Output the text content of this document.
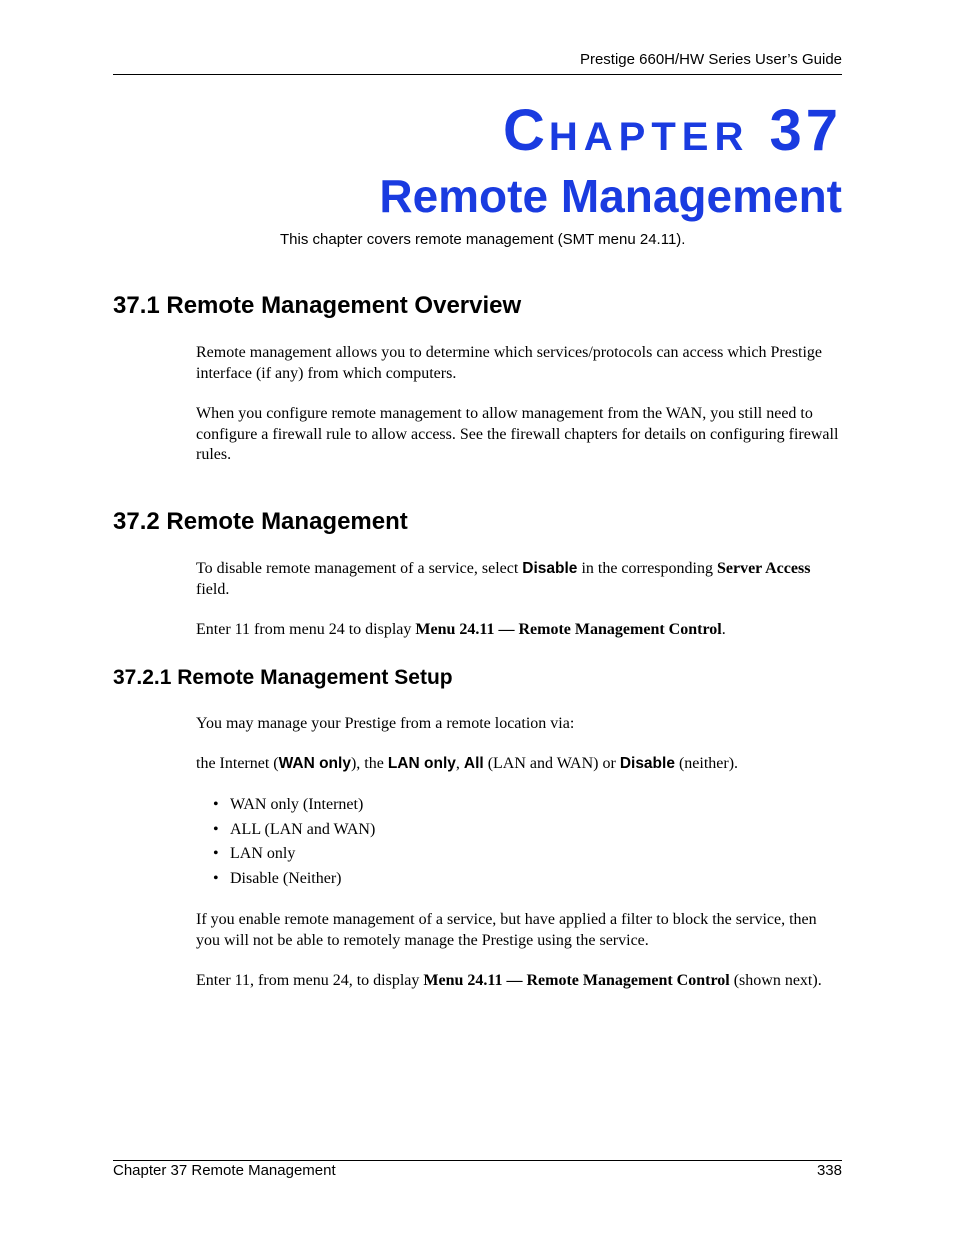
Prestige 660H/HW Series User’s Guide
CHAPTER 37
Remote Management
This chapter covers remote management (SMT menu 24.11).
37.1 Remote Management Overview
Remote management allows you to determine which services/protocols can access which Prestige interface (if any) from which computers.
When you configure remote management to allow management from the WAN, you still need to configure a firewall rule to allow access. See the firewall chapters for details on configuring firewall rules.
37.2 Remote Management
To disable remote management of a service, select Disable in the corresponding Server Access field.
Enter 11 from menu 24 to display Menu 24.11 — Remote Management Control.
37.2.1 Remote Management Setup
You may manage your Prestige from a remote location via:
the Internet (WAN only), the LAN only, All (LAN and WAN) or Disable (neither).
• WAN only (Internet)
• ALL (LAN and WAN)
• LAN only
• Disable (Neither)
If you enable remote management of a service, but have applied a filter to block the service, then you will not be able to remotely manage the Prestige using the service.
Enter 11, from menu 24, to display Menu 24.11 — Remote Management Control (shown next).
Chapter 37 Remote Management	338
